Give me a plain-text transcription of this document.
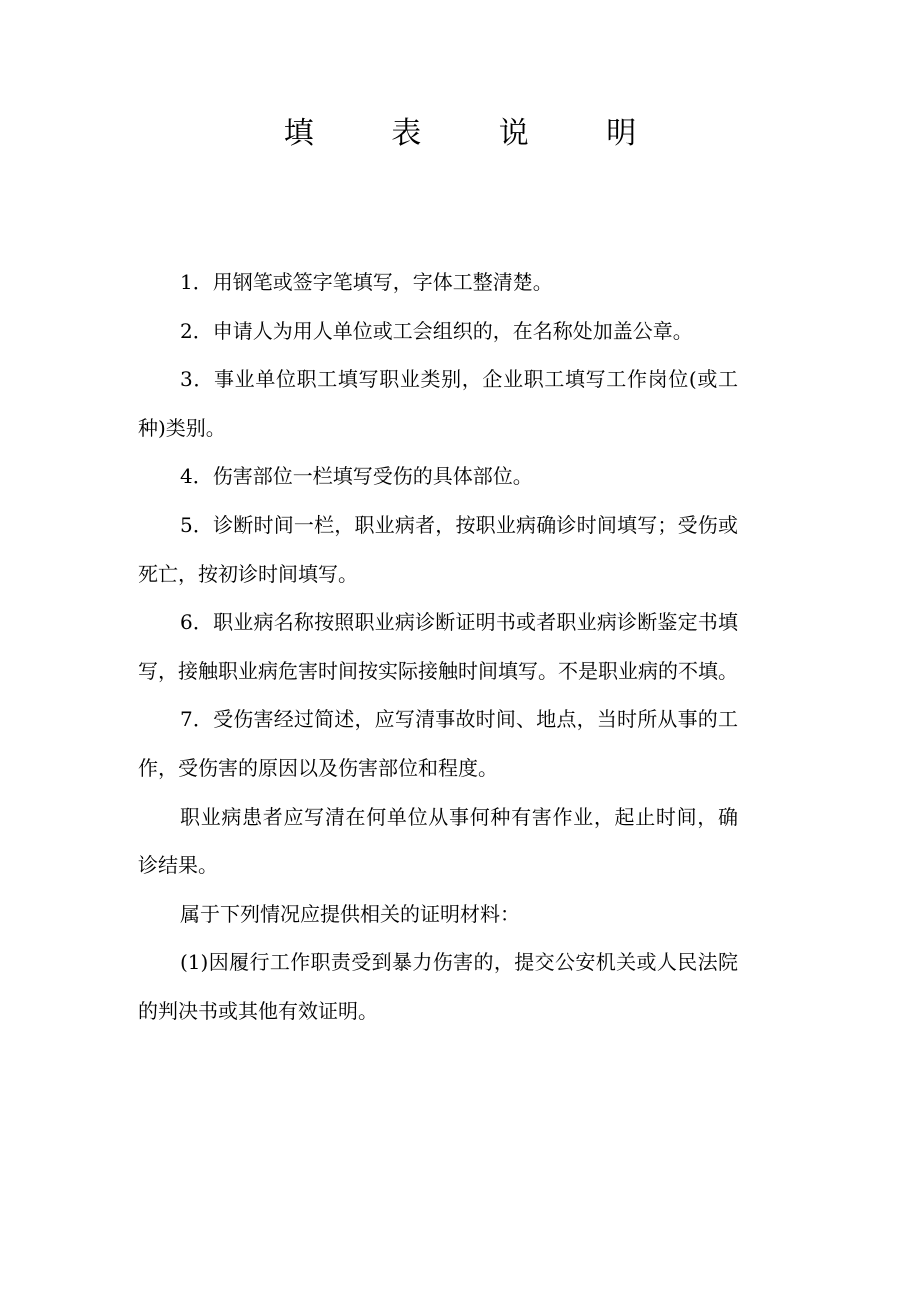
填 表 说 明

1．用钢笔或签字笔填写，字体工整清楚。

2．申请人为用人单位或工会组织的，在名称处加盖公章。

3．事业单位职工填写职业类别，企业职工填写工作岗位(或工种)类别。

4．伤害部位一栏填写受伤的具体部位。

5．诊断时间一栏，职业病者，按职业病确诊时间填写；受伤或死亡，按初诊时间填写。

6．职业病名称按照职业病诊断证明书或者职业病诊断鉴定书填写，接触职业病危害时间按实际接触时间填写。不是职业病的不填。

7．受伤害经过简述，应写清事故时间、地点，当时所从事的工作，受伤害的原因以及伤害部位和程度。

职业病患者应写清在何单位从事何种有害作业，起止时间，确诊结果。

属于下列情况应提供相关的证明材料：

(1)因履行工作职责受到暴力伤害的，提交公安机关或人民法院的判决书或其他有效证明。
